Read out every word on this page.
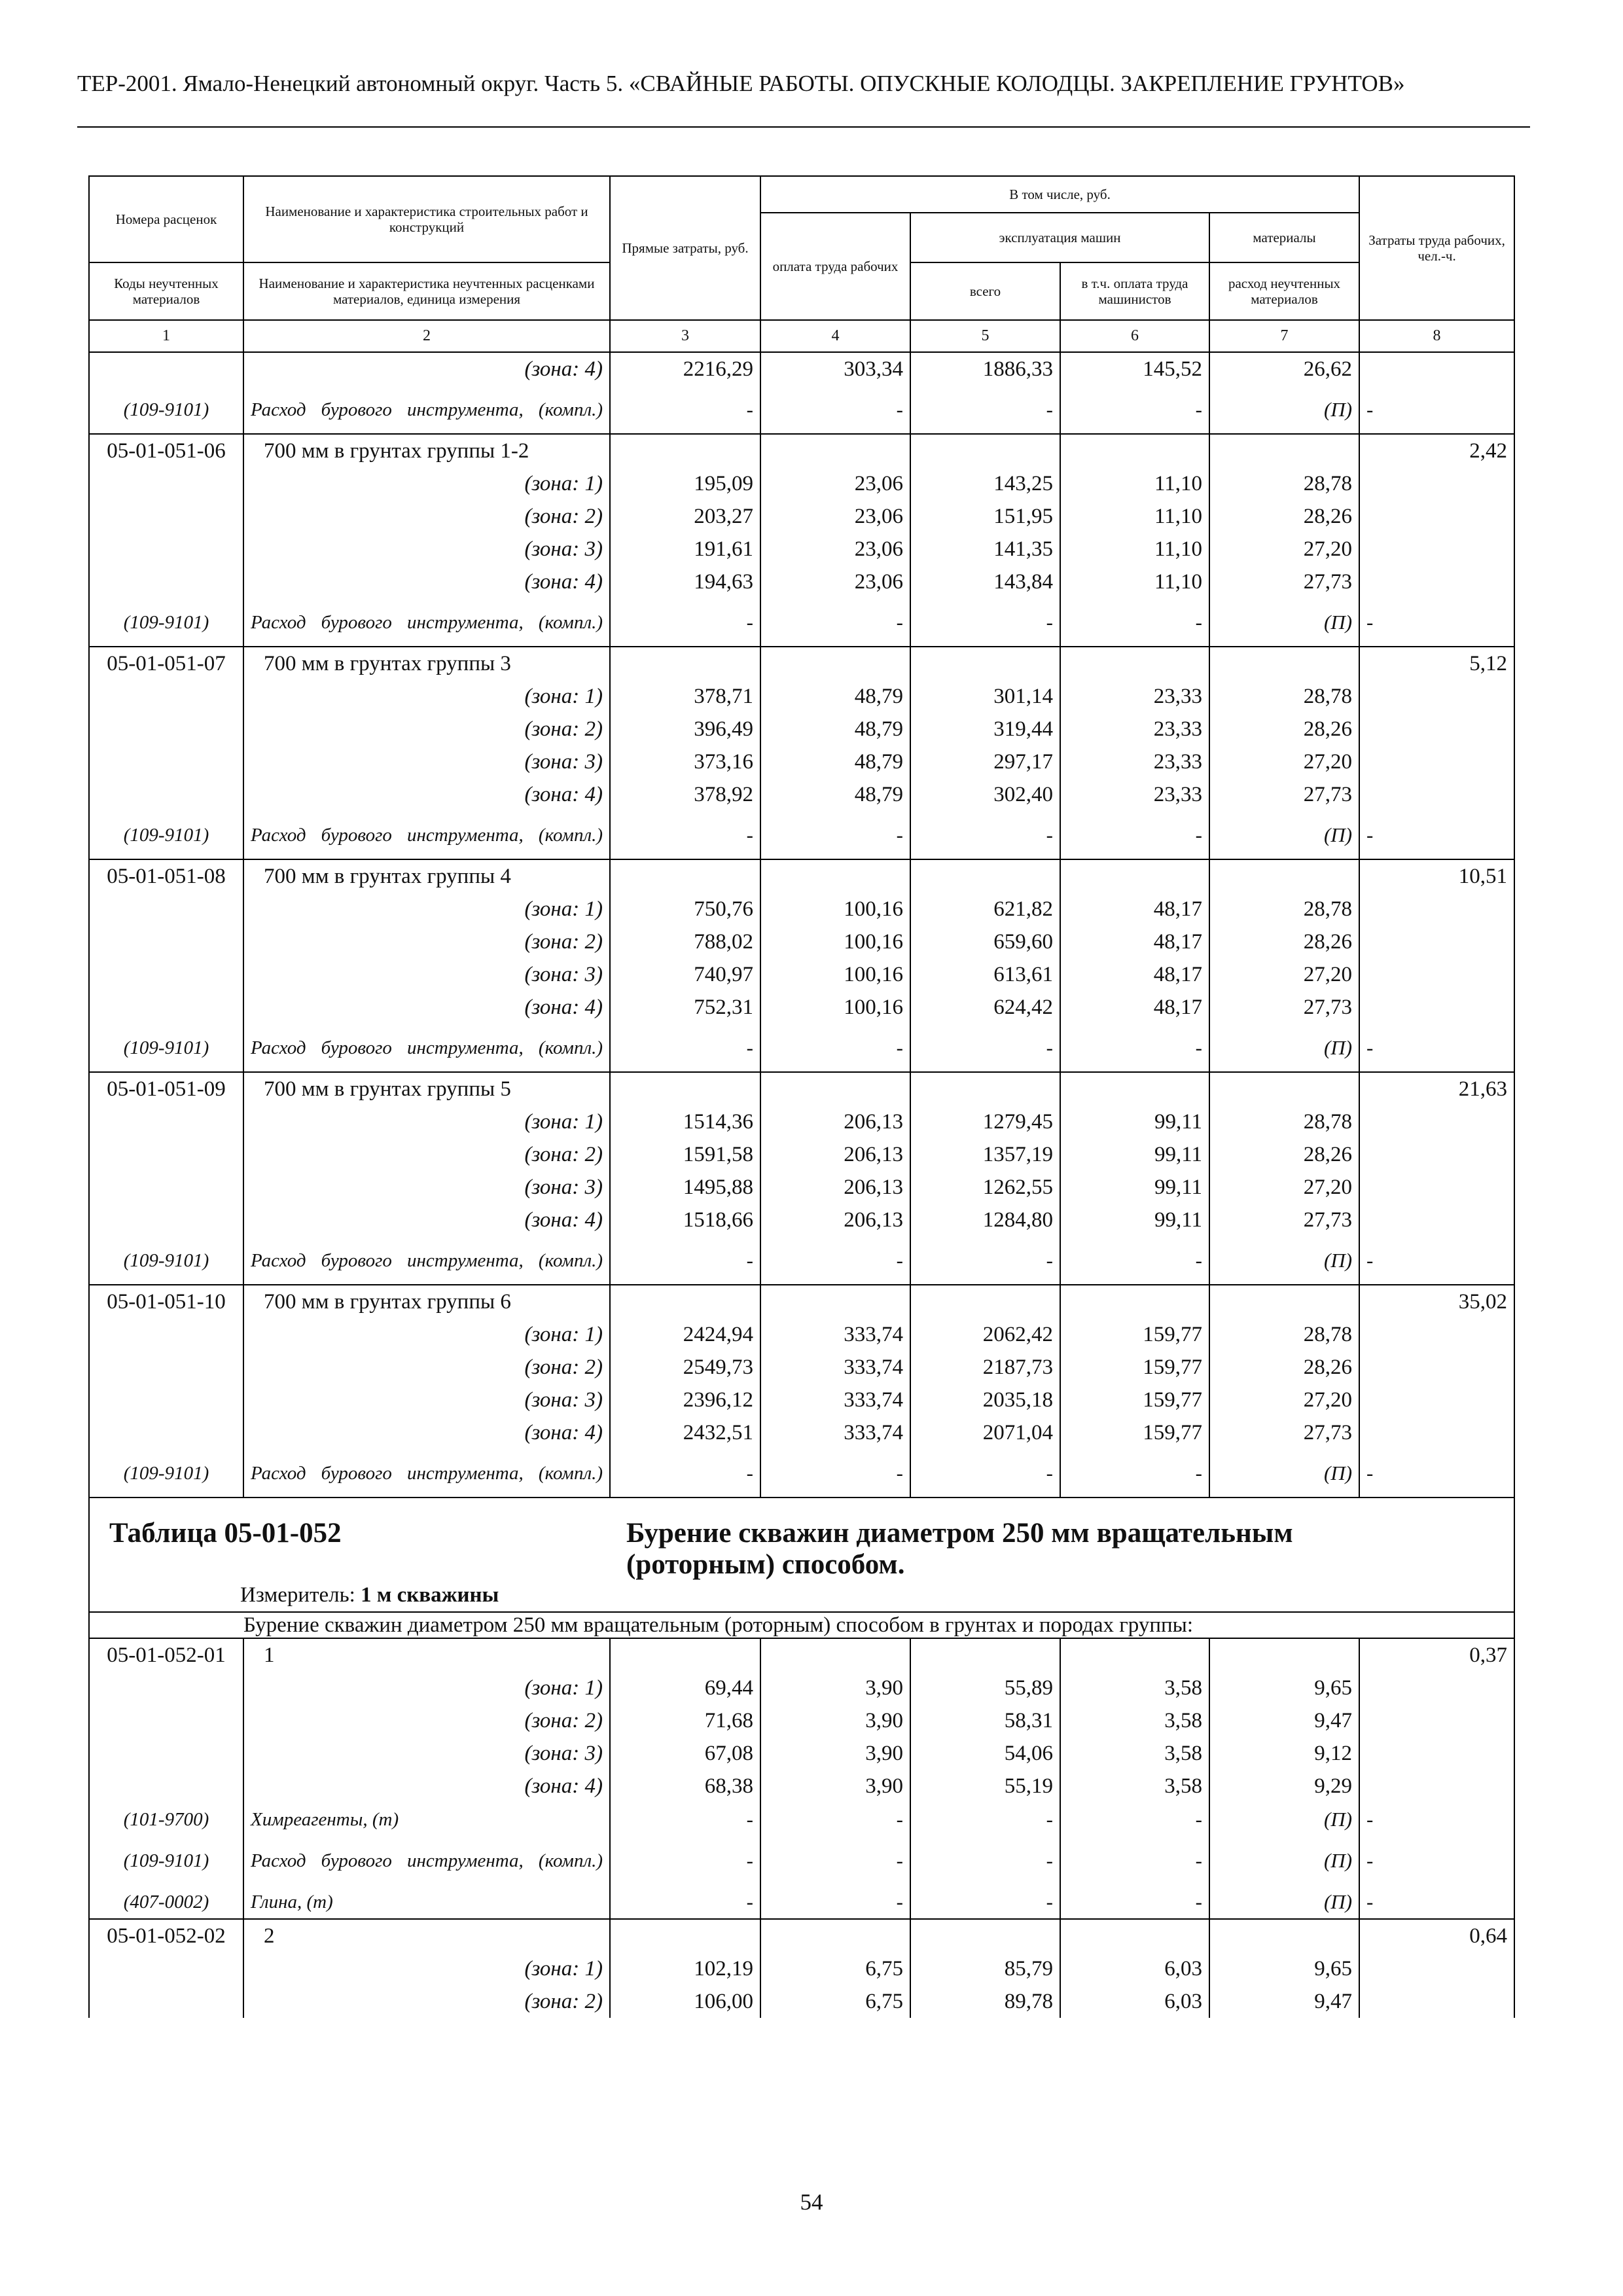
ТЕР-2001. Ямало-Ненецкий автономный округ. Часть 5. «СВАЙНЫЕ РАБОТЫ. ОПУСКНЫЕ КОЛОДЦЫ. ЗАКРЕПЛЕНИЕ ГРУНТОВ»
Номера расценок	Наименование и характеристика строительных работ и конструкций	Прямые затраты, руб.	В том числе, руб.				Затраты труда рабочих, чел.-ч.
			оплата труда рабочих	эксплуатация машин		материалы	
Коды неучтенных материалов	Наименование и характеристика неучтенных расценками материалов, единица измерения			всего	в т.ч. оплата труда машинистов	расход неучтенных материалов	
1	2	3	4	5	6	7	8
	(зона: 4)	2216,29	303,34	1886,33	145,52	26,62	
(109-9101)	Расход бурового инструмента, (компл.)	-	-	-	-	(П)	-
05-01-051-06	700 мм в грунтах группы 1-2						2,42
	(зона: 1)	195,09	23,06	143,25	11,10	28,78	
	(зона: 2)	203,27	23,06	151,95	11,10	28,26	
	(зона: 3)	191,61	23,06	141,35	11,10	27,20	
	(зона: 4)	194,63	23,06	143,84	11,10	27,73	
(109-9101)	Расход бурового инструмента, (компл.)	-	-	-	-	(П)	-
05-01-051-07	700 мм в грунтах группы 3						5,12
	(зона: 1)	378,71	48,79	301,14	23,33	28,78	
	(зона: 2)	396,49	48,79	319,44	23,33	28,26	
	(зона: 3)	373,16	48,79	297,17	23,33	27,20	
	(зона: 4)	378,92	48,79	302,40	23,33	27,73	
(109-9101)	Расход бурового инструмента, (компл.)	-	-	-	-	(П)	-
05-01-051-08	700 мм в грунтах группы 4						10,51
	(зона: 1)	750,76	100,16	621,82	48,17	28,78	
	(зона: 2)	788,02	100,16	659,60	48,17	28,26	
	(зона: 3)	740,97	100,16	613,61	48,17	27,20	
	(зона: 4)	752,31	100,16	624,42	48,17	27,73	
(109-9101)	Расход бурового инструмента, (компл.)	-	-	-	-	(П)	-
05-01-051-09	700 мм в грунтах группы 5						21,63
	(зона: 1)	1514,36	206,13	1279,45	99,11	28,78	
	(зона: 2)	1591,58	206,13	1357,19	99,11	28,26	
	(зона: 3)	1495,88	206,13	1262,55	99,11	27,20	
	(зона: 4)	1518,66	206,13	1284,80	99,11	27,73	
(109-9101)	Расход бурового инструмента, (компл.)	-	-	-	-	(П)	-
05-01-051-10	700 мм в грунтах группы 6						35,02
	(зона: 1)	2424,94	333,74	2062,42	159,77	28,78	
	(зона: 2)	2549,73	333,74	2187,73	159,77	28,26	
	(зона: 3)	2396,12	333,74	2035,18	159,77	27,20	
	(зона: 4)	2432,51	333,74	2071,04	159,77	27,73	
(109-9101)	Расход бурового инструмента, (компл.)	-	-	-	-	(П)	-

Таблица 05-01-052 Бурение скважин диаметром 250 мм вращательным (роторным) способом.
Измеритель: 1 м скважины							

	Бурение скважин диаметром 250 мм вращательным (роторным) способом в грунтах и породах группы:						
05-01-052-01	1						0,37
	(зона: 1)	69,44	3,90	55,89	3,58	9,65	
	(зона: 2)	71,68	3,90	58,31	3,58	9,47	
	(зона: 3)	67,08	3,90	54,06	3,58	9,12	
	(зона: 4)	68,38	3,90	55,19	3,58	9,29	
(101-9700)	Химреагенты, (т)	-	-	-	-	(П)	-
(109-9101)	Расход бурового инструмента, (компл.)	-	-	-	-	(П)	-
(407-0002)	Глина, (т)	-	-	-	-	(П)	-
05-01-052-02	2						0,64
	(зона: 1)	102,19	6,75	85,79	6,03	9,65	
	(зона: 2)	106,00	6,75	89,78	6,03	9,47	
54
